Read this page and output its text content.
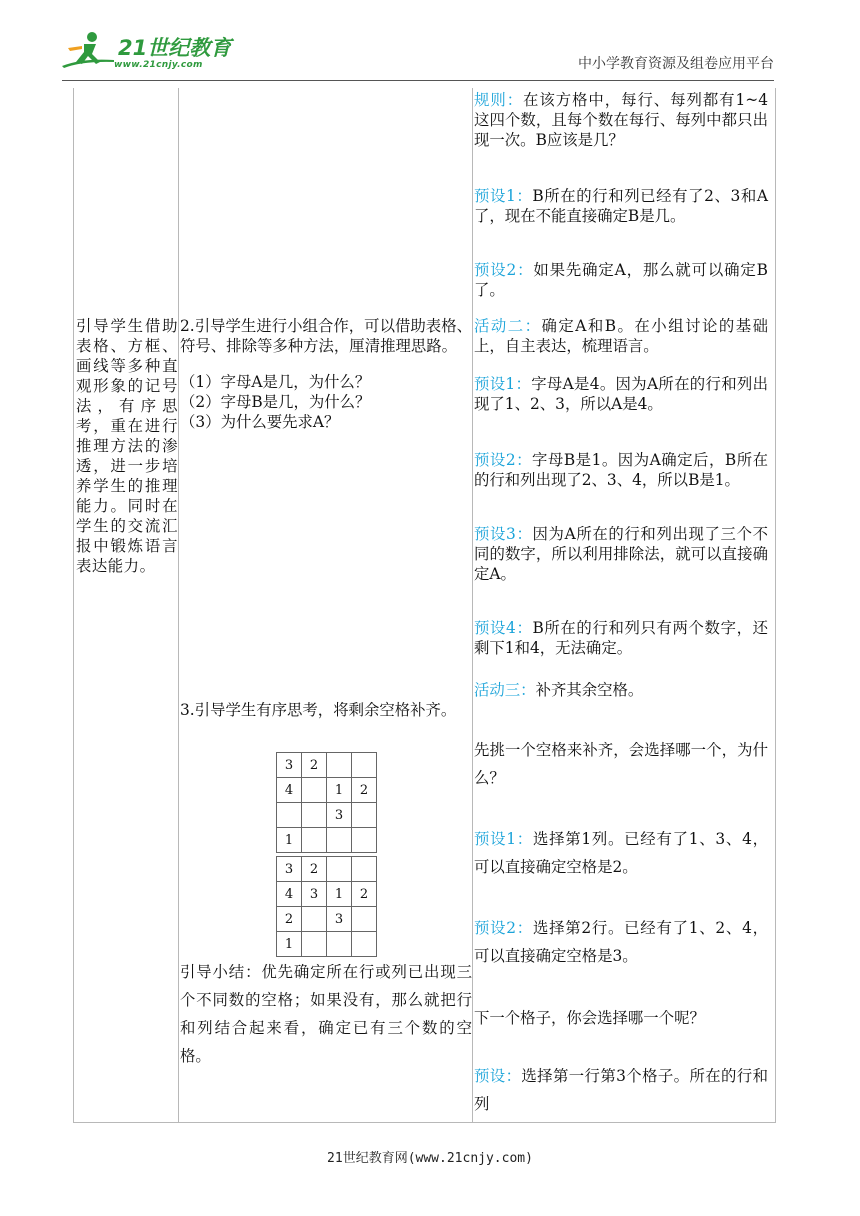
21世纪教育
www.21cnjy.com	中小学教育资源及组卷应用平台
引导学生借助表格、方框、画线等多种直观形象的记号法，有序思考，重在进行推理方法的渗透，进一步培养学生的推理能力。同时在学生的交流汇报中锻炼语言表达能力。

2.引导学生进行小组合作，可以借助表格、符号、排除等多种方法，厘清推理思路。

（1）字母A是几，为什么？

（2）字母B是几，为什么？

（3）为什么要先求A？

3.引导学生有序思考，将剩余空格补齐。

3	2		
4		1	2
		3	
1			
3	2		
4	3	1	2
2		3	
1			

引导小结：优先确定所在行或列已出现三个不同数的空格；如果没有，那么就把行和列结合起来看，确定已有三个数的空格。

规则：在该方格中，每行、每列都有1~4这四个数，且每个数在每行、每列中都只出现一次。B应该是几？

预设1：B所在的行和列已经有了2、3和A了，现在不能直接确定B是几。

预设2：如果先确定A，那么就可以确定B了。

活动二：确定A和B。在小组讨论的基础上，自主表达，梳理语言。

预设1：字母A是4。因为A所在的行和列出现了1、2、3，所以A是4。

预设2：字母B是1。因为A确定后，B所在的行和列出现了2、3、4，所以B是1。

预设3：因为A所在的行和列出现了三个不同的数字，所以利用排除法，就可以直接确定A。

预设4：B所在的行和列只有两个数字，还剩下1和4，无法确定。

活动三：补齐其余空格。

先挑一个空格来补齐，会选择哪一个，为什么？

预设1：选择第1列。已经有了1、3、4，可以直接确定空格是2。

预设2：选择第2行。已经有了1、2、4，可以直接确定空格是3。

下一个格子，你会选择哪一个呢？

预设：选择第一行第3个格子。所在的行和列

21世纪教育网(www.21cnjy.com)
